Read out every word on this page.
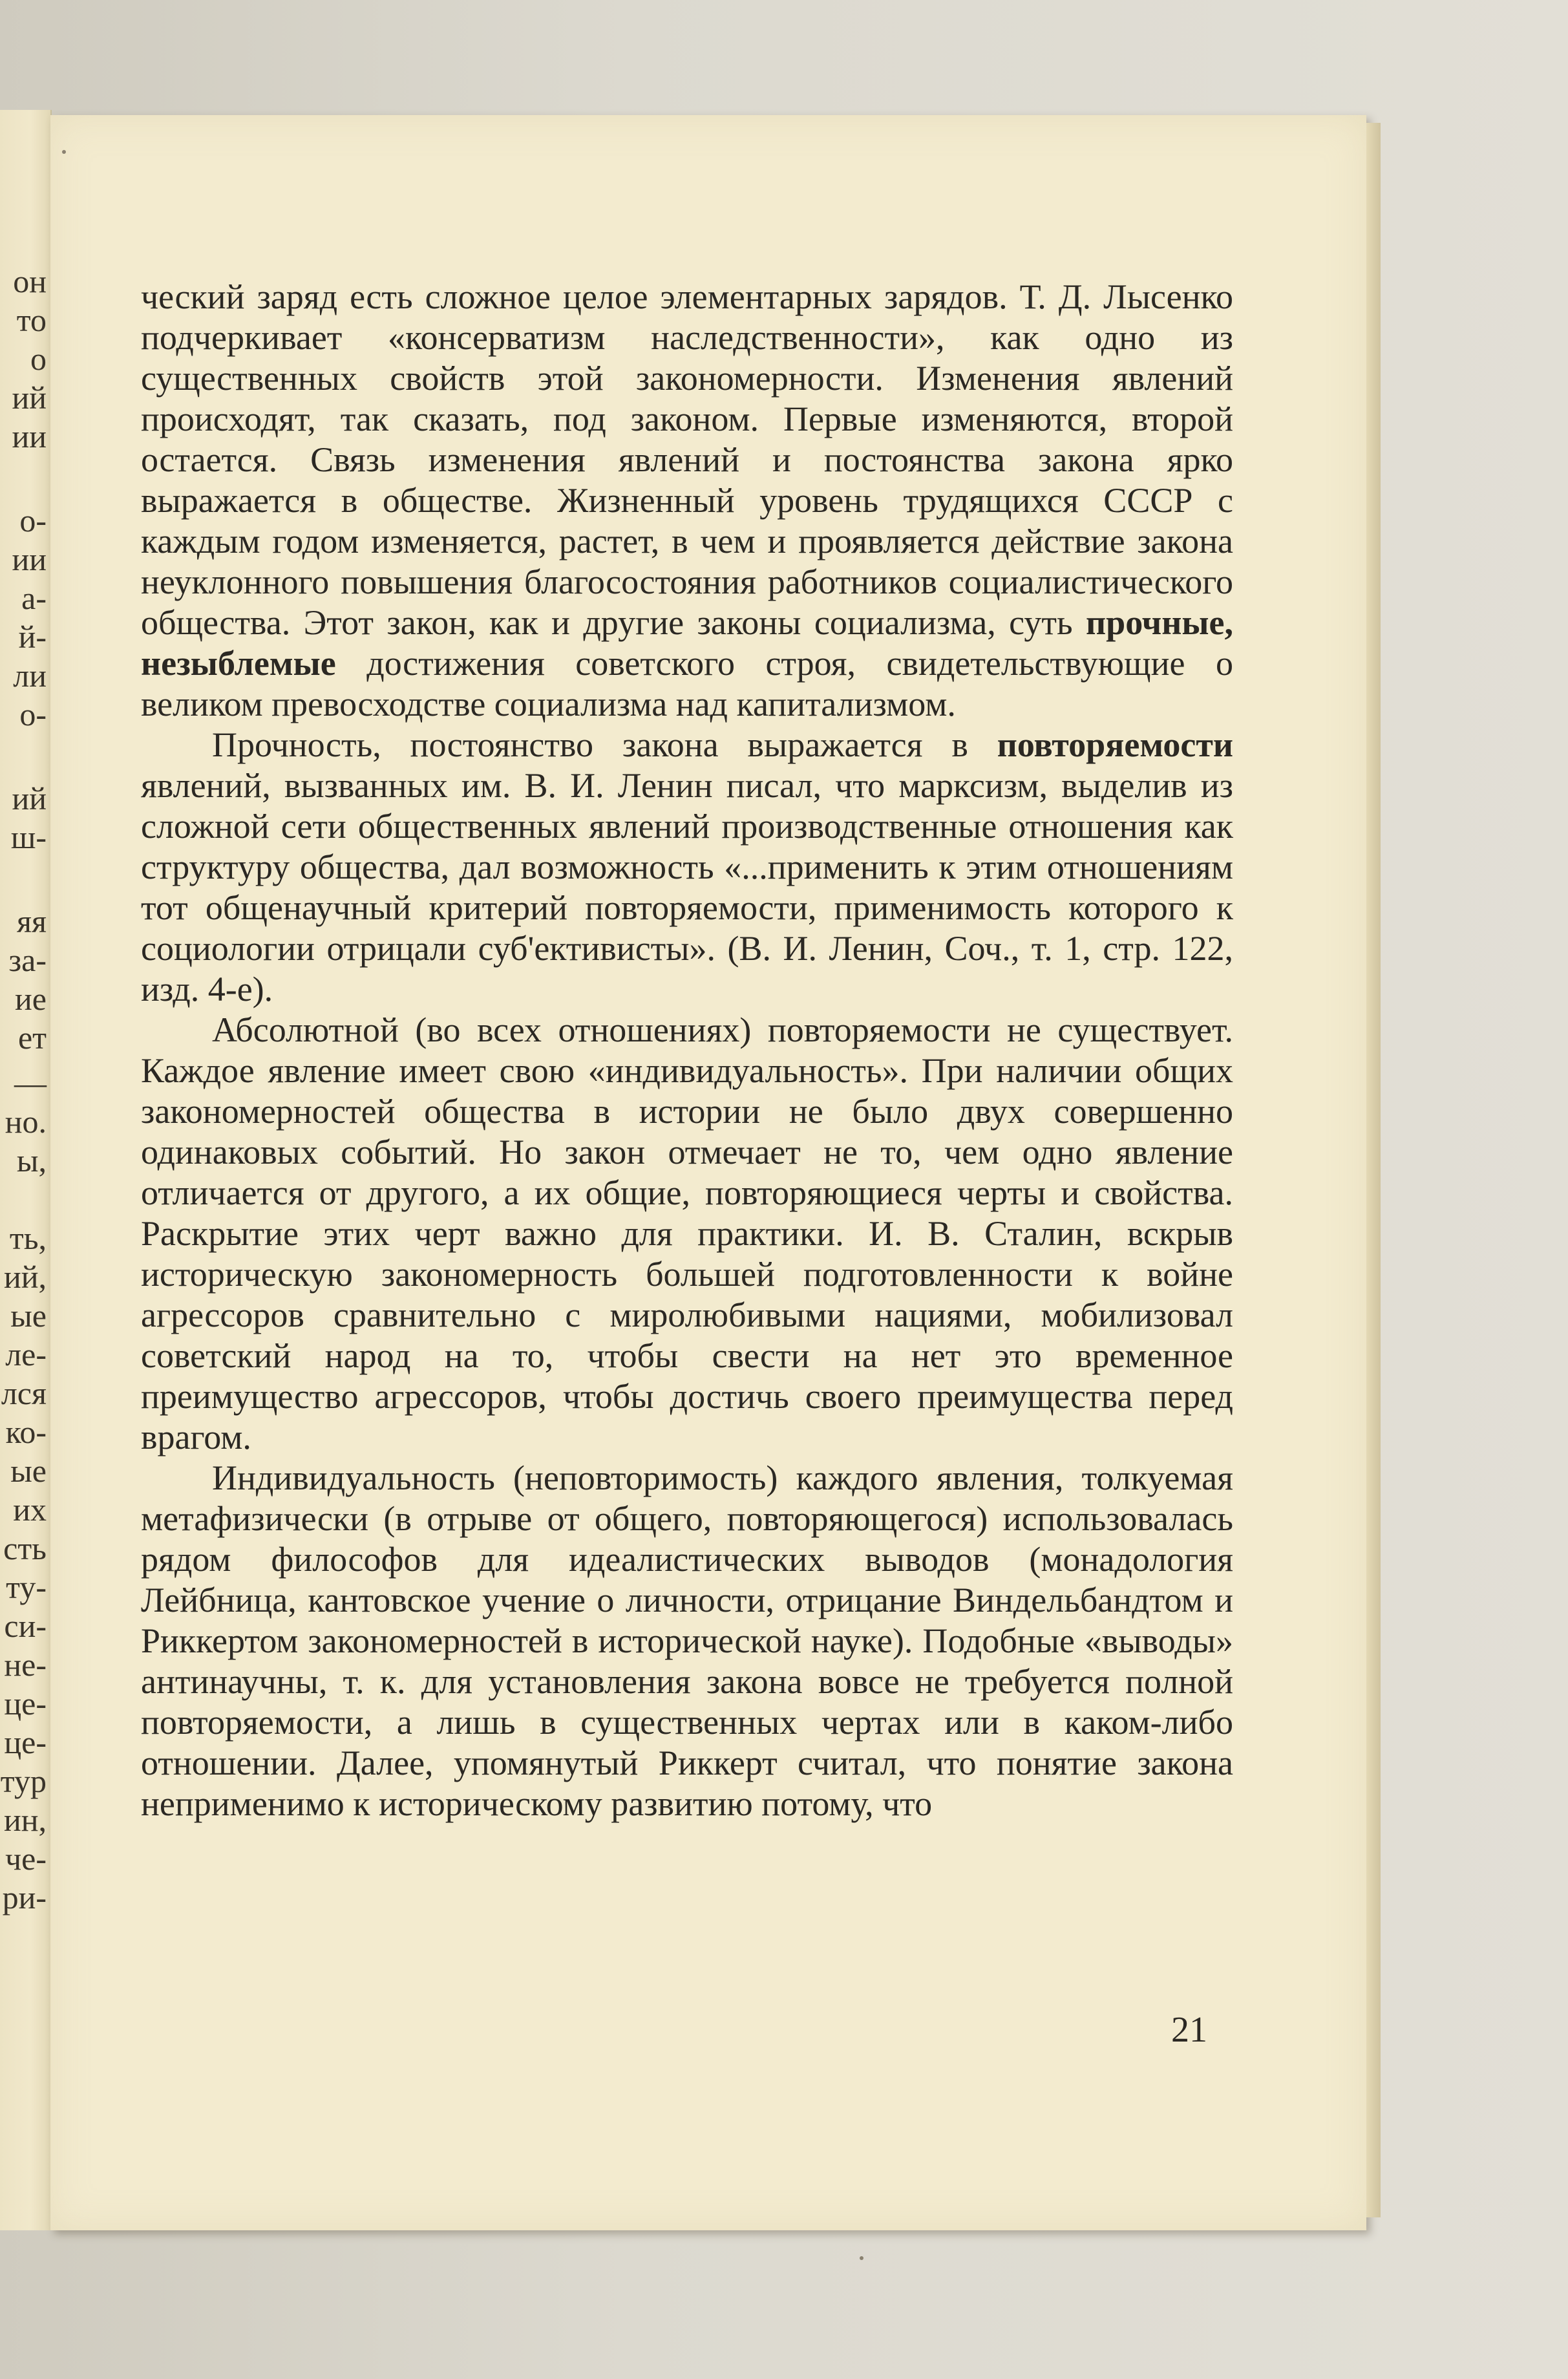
он
то
о
ий
ии
о-
ии
а-
й-
ли
о-
ий
ш-
яя
за-
ие
ет
—
но.
ы,
ть,
ий,
ые
ле-
лся
ко-
ые
их
сть
ту-
си-
не-
це-
це-
тур
ин,
че-
ри-

ческий заряд есть сложное целое элементарных зарядов. Т. Д. Лысенко подчеркивает «консерватизм наследственности», как одно из существенных свойств этой закономерности. Изменения явлений происходят, так сказать, под законом. Первые изменяются, второй остается. Связь изменения явлений и постоянства закона ярко выражается в обществе. Жизненный уровень трудящихся СССР с каждым годом изменяется, растет, в чем и проявляется действие закона неуклонного повышения благосостояния работников социалистического общества. Этот закон, как и другие законы социализма, суть прочные, незыблемые достижения советского строя, свидетельствующие о великом превосходстве социализма над капитализмом.

Прочность, постоянство закона выражается в повторяемости явлений, вызванных им. В. И. Ленин писал, что марксизм, выделив из сложной сети общественных явлений производственные отношения как структуру общества, дал возможность «...применить к этим отношениям тот общенаучный критерий повторяемости, применимость которого к социологии отрицали суб'ективисты». (В. И. Ленин, Соч., т. 1, стр. 122, изд. 4-е).

Абсолютной (во всех отношениях) повторяемости не существует. Каждое явление имеет свою «индивидуальность». При наличии общих закономерностей общества в истории не было двух совершенно одинаковых событий. Но закон отмечает не то, чем одно явление отличается от другого, а их общие, повторяющиеся черты и свойства. Раскрытие этих черт важно для практики. И. В. Сталин, вскрыв историческую закономерность большей подготовленности к войне агрессоров сравнительно с миролюбивыми нациями, мобилизовал советский народ на то, чтобы свести на нет это временное преимущество агрессоров, чтобы достичь своего преимущества перед врагом.

Индивидуальность (неповторимость) каждого явления, толкуемая метафизически (в отрыве от общего, повторяющегося) использовалась рядом философов для идеалистических выводов (монадология Лейбница, кантовское учение о личности, отрицание Виндельбандтом и Риккертом закономерностей в исторической науке). Подобные «выводы» антинаучны, т. к. для установления закона вовсе не требуется полной повторяемости, а лишь в существенных чертах или в каком-либо отношении. Далее, упомянутый Риккерт считал, что понятие закона неприменимо к историческому развитию потому, что

21
